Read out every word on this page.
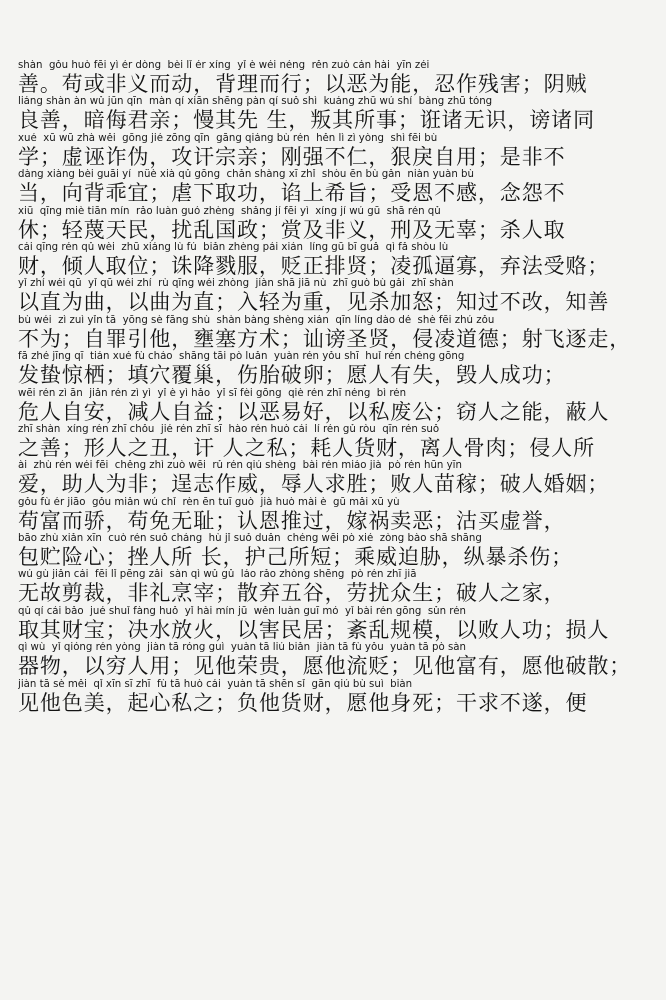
shàn  gǒu huò fēi yì ér dòng  bèi lǐ ér xíng  yǐ è wéi néng  rěn zuò cán hài  yīn zéi
善。苟或非义而动，背理而行；以恶为能，忍作残害；阴贼
liáng shàn àn wǔ jūn qīn  màn qí xiān shēng pàn qí suǒ shì  kuáng zhū wú shí  bàng zhū tóng
良善，暗侮君亲；慢其先 生，叛其所事；诳诸无识，谤诸同
xué  xū wū zhà wěi  gōng jié zōng qīn  gāng qiáng bù rén  hěn lì zì yòng  shì fēi bù
学；虚诬诈伪，攻讦宗亲；刚强不仁，狠戾自用；是非不
dàng xiàng bèi guāi yí  nüè xià qǔ gōng  chǎn shàng xī zhǐ  shòu ēn bù gǎn  niàn yuàn bù
当，向背乖宜；虐下取功，谄上希旨；受恩不感，念怨不
xiū  qīng miè tiān mín  rǎo luàn guó zhèng  shǎng jí fēi yì  xíng jí wú gū  shā rén qǔ
休；轻蔑天民，扰乱国政；赏及非义，刑及无辜；杀人取
cái qīng rén qǔ wèi  zhū xiáng lù fú  biǎn zhèng pái xián  líng gū bī guǎ  qì fǎ shòu lù
财，倾人取位；诛降戮服，贬正排贤；凌孤逼寡，弃法受赂；
yǐ zhí wéi qū  yǐ qū wéi zhí  rù qīng wéi zhòng  jiàn shā jiā nù  zhī guò bù gǎi  zhī shàn
以直为曲，以曲为直；入轻为重，见杀加怒；知过不改，知善
bù wéi  zì zuì yǐn tā  yōng sè fāng shù  shàn bàng shèng xián  qīn líng dào dé  shè fēi zhú zǒu
不为；自罪引他，壅塞方术；讪谤圣贤，侵凌道德；射飞逐走，
fā zhé jīng qī  tián xué fù cháo  shāng tāi pò luǎn  yuàn rén yǒu shī  huǐ rén chéng gōng
发蛰惊栖；填穴覆巢，伤胎破卵；愿人有失，毁人成功；
wēi rén zì ān  jiǎn rén zì yì  yǐ è yì hǎo  yǐ sī fèi gōng  qiè rén zhī néng  bì rén
危人自安，减人自益；以恶易好，以私废公；窃人之能，蔽人
zhī shàn  xíng rén zhī chǒu  jié rén zhī sī  hào rén huò cái  lí rén gǔ ròu  qīn rén suǒ
之善；形人之丑，讦 人之私；耗人货财，离人骨肉；侵人所
ài  zhù rén wéi fēi  chěng zhì zuò wēi  rǔ rén qiú shèng  bài rén miáo jià  pò rén hūn yīn
爱，助人为非；逞志作威，辱人求胜；败人苗稼；破人婚姻；
gǒu fù ér jiāo  gǒu miǎn wú chǐ  rèn ēn tuī guò  jià huò mài è  gū mǎi xū yù
苟富而骄，苟免无耻；认恩推过，嫁祸卖恶；沽买虚誉，
bāo zhù xiǎn xīn  cuò rén suǒ cháng  hù jǐ suǒ duǎn  chéng wēi pò xié  zòng bào shā shāng
包贮险心；挫人所 长，护己所短；乘威迫胁，纵暴杀伤；
wú gù jiǎn cái  fēi lǐ pēng zǎi  sàn qì wǔ gǔ  láo rǎo zhòng shēng  pò rén zhī jiā
无故剪裁，非礼烹宰；散弃五谷，劳扰众生；破人之家，
qǔ qí cái bǎo  jué shuǐ fàng huǒ  yǐ hài mín jū  wěn luàn guī mó  yǐ bài rén gōng  sǔn rén
取其财宝；决水放火，以害民居；紊乱规模，以败人功；损人
qì wù  yǐ qióng rén yòng  jiàn tā róng guì  yuàn tā liú biǎn  jiàn tā fù yǒu  yuàn tā pò sàn
器物，以穷人用；见他荣贵，愿他流贬；见他富有，愿他破散；
jiàn tā sè měi  qǐ xīn sī zhī  fù tā huò cái  yuàn tā shēn sǐ  gān qiú bù suì  biàn
见他色美，起心私之；负他货财，愿他身死；干求不遂，便
